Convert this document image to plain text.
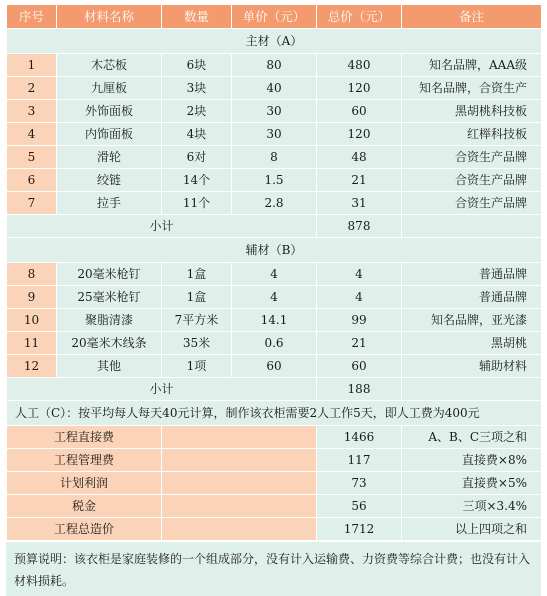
序号	材料名称	数量	单价（元）	总价（元）	备注
主材（A）					
1	木芯板	6块	80	480	知名品牌，AAA级
2	九厘板	3块	40	120	知名品牌，合资生产
3	外饰面板	2块	30	60	黑胡桃科技板
4	内饰面板	4块	30	120	红榉科技板
5	滑轮	6对	8	48	合资生产品牌
6	绞链	14个	1.5	21	合资生产品牌
7	拉手	11个	2.8	31	合资生产品牌
小计				878	
辅材（B）					
8	20毫米枪钉	1盒	4	4	普通品牌
9	25毫米枪钉	1盒	4	4	普通品牌
10	聚脂清漆	7平方米	14.1	99	知名品牌，亚光漆
11	20毫米木线条	35米	0.6	21	黑胡桃
12	其他	1项	60	60	辅助材料
小计				188	
人工（C）：按平均每人每天40元计算，制作该衣柜需要2人工作5天，即人工费为400元					
工程直接费				1466	A、B、C三项之和
工程管理费				117	直接费×8%
计划利润				73	直接费×5%
税金				56	三项×3.4%
工程总造价				1712	以上四项之和
预算说明：该衣柜是家庭装修的一个组成部分，没有计入运输费、力资费等综合计费；也没有计入材料损耗。
